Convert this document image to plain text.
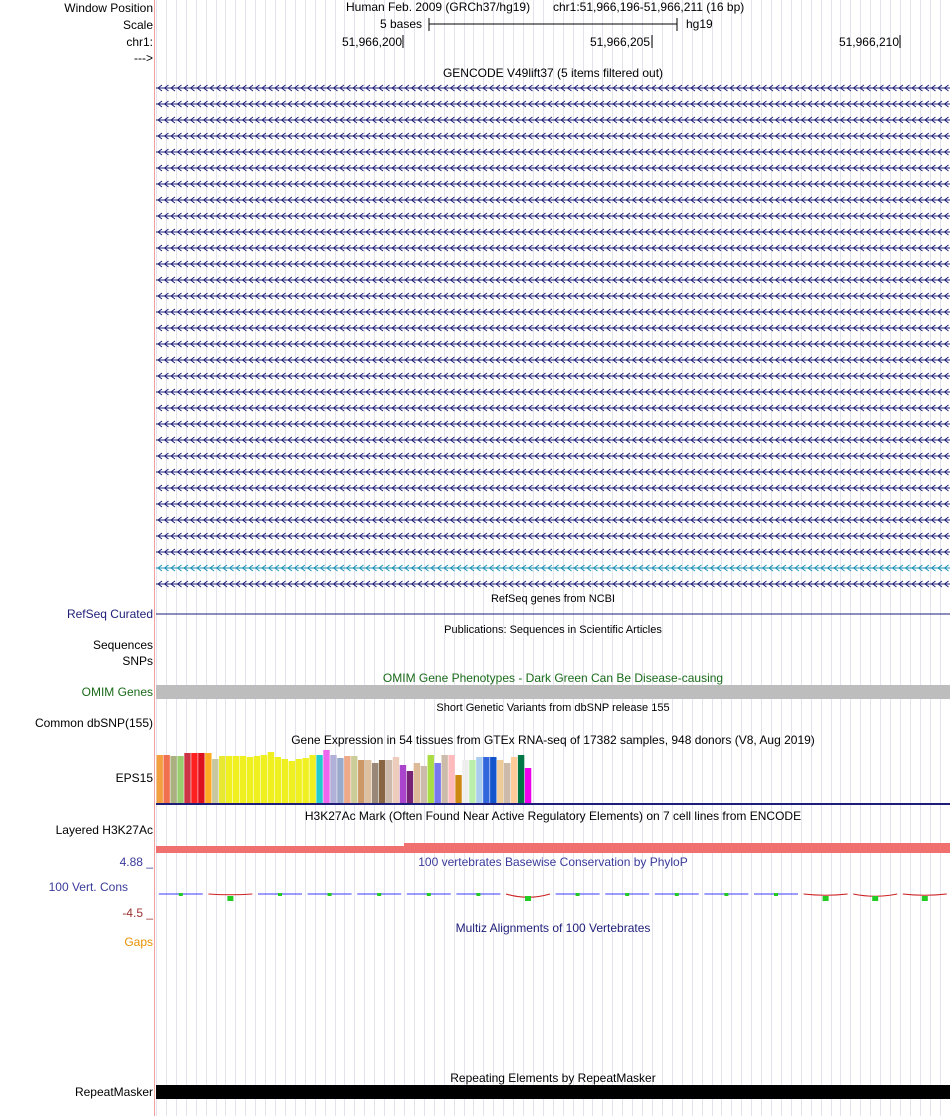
Window Position	Human Feb. 2009 (GRCh37/hg19) chr1:51,966,196-51,966,211 (16 bp)
Scale	5 bases	hg19
chr1:	51,966,200	51,966,205	51,966,210
--->
GENCODE V49lift37 (5 items filtered out)
RefSeq Curated
RefSeq genes from NCBI
Publications: Sequences in Scientific Articles
Sequences
SNPs
OMIM Gene Phenotypes - Dark Green Can Be Disease-causing
OMIM Genes
Short Genetic Variants from dbSNP release 155
Common dbSNP(155)
Gene Expression in 54 tissues from GTEx RNA-seq of 17382 samples, 948 donors (V8, Aug 2019)
EPS15
H3K27Ac Mark (Often Found Near Active Regulatory Elements) on 7 cell lines from ENCODE
Layered H3K27Ac
100 vertebrates Basewise Conservation by PhyloP
4.88 _
100 Vert. Cons
-4.5 _
Multiz Alignments of 100 Vertebrates
Gaps
Repeating Elements by RepeatMasker
RepeatMasker
